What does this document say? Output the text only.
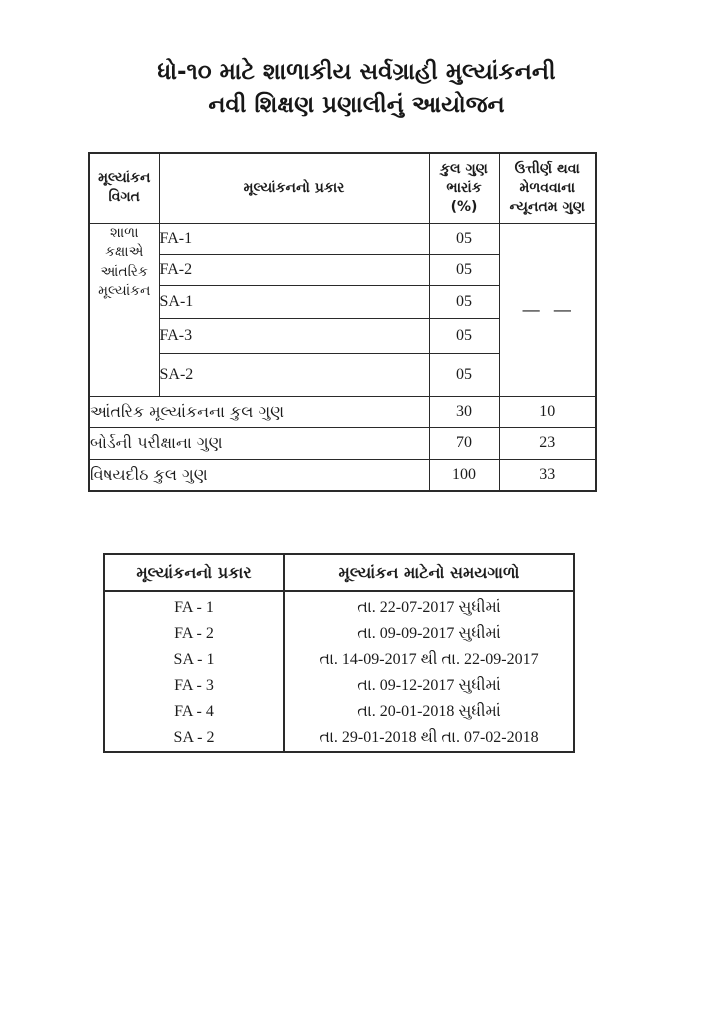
ધો-૧૦ માટે શાળાકીય સર્વગ્રાહી મુલ્યાંકનની
નવી શિક્ષણ પ્રણાલીનું આયોજન
મૂલ્યાંકન વિગત	મૂલ્યાંકનનો પ્રકાર	કુલ ગુણ ભારાંક (%)	ઉત્તીર્ણ થવા મેળવવાના ન્યૂનતમ ગુણ
શાળા કક્ષાએ આંતરિક મૂલ્યાંકન	FA-1	05	— —
	FA-2	05	
	SA-1	05	
	FA-3	05	
	SA-2	05	
આંતરિક મૂલ્યાંકનના કુલ ગુણ		30	10
બોર્ડની પરીક્ષાના ગુણ		70	23
વિષયદીઠ કુલ ગુણ		100	33
મૂલ્યાંકનનો પ્રકાર	મૂલ્યાંકન માટેનો સમયગાળો
FA - 1	તા. 22-07-2017 સુધીમાં
FA - 2	તા. 09-09-2017 સુધીમાં
SA - 1	તા. 14-09-2017 થી તા. 22-09-2017
FA - 3	તા. 09-12-2017 સુધીમાં
FA - 4	તા. 20-01-2018 સુધીમાં
SA - 2	તા. 29-01-2018 થી તા. 07-02-2018
